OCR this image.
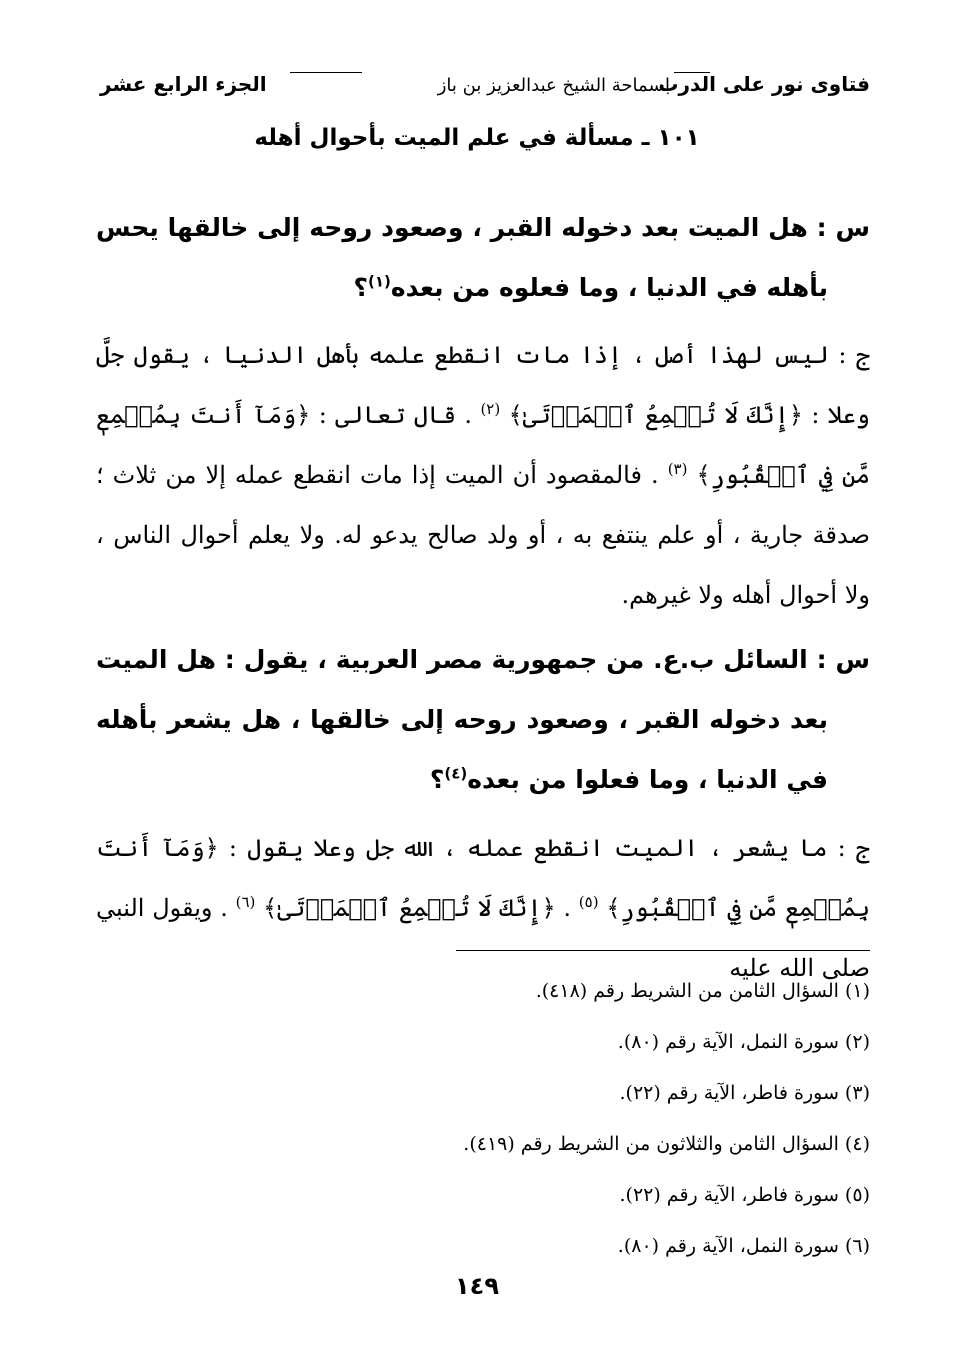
فتاوى نور على الدرب
لسماحة الشيخ عبدالعزيز بن باز
الجزء الرابع عشر
١٠١ ـ مسألة في علم الميت بأحوال أهله
س : هل الميت بعد دخوله القبر ، وصعود روحه إلى خالقها يحس بأهله في الدنيا ، وما فعلوه من بعده$^{(١)}$؟
ج : ليس لهذا أصل ، إذا مات انقطع علمه بأهل الدنيا ، يقول جلَّ وعلا : ﴿إِنَّكَ لَا تُسۡمِعُ ٱلۡمَوۡتَىٰ﴾ $^{(٢)}$ . قال تعالى : ﴿وَمَآ أَنتَ بِمُسۡمِعٖ مَّن فِي ٱلۡقُبُورِ﴾ $^{(٣)}$ . فالمقصود أن الميت إذا مات انقطع عمله إلا من ثلاث ؛ صدقة جارية ، أو علم ينتفع به ، أو ولد صالح يدعو له. ولا يعلم أحوال الناس ، ولا أحوال أهله ولا غيرهم.
س : السائل ب.ع. من جمهورية مصر العربية ، يقول : هل الميت بعد دخوله القبر ، وصعود روحه إلى خالقها ، هل يشعر بأهله في الدنيا ، وما فعلوا من بعده$^{(٤)}$؟
ج : ما يشعر ، الميت انقطع عمله ، الله جل وعلا يقول : ﴿وَمَآ أَنتَ بِمُسۡمِعٖ مَّن فِي ٱلۡقُبُورِ﴾ $^{(٥)}$ . ﴿إِنَّكَ لَا تُسۡمِعُ ٱلۡمَوۡتَىٰ﴾ $^{(٦)}$ . ويقول النبي صلى الله عليه
(١) السؤال الثامن من الشريط رقم (٤١٨).
(٢) سورة النمل، الآية رقم (٨٠).
(٣) سورة فاطر، الآية رقم (٢٢).
(٤) السؤال الثامن والثلاثون من الشريط رقم (٤١٩).
(٥) سورة فاطر، الآية رقم (٢٢).
(٦) سورة النمل، الآية رقم (٨٠).
١٤٩
